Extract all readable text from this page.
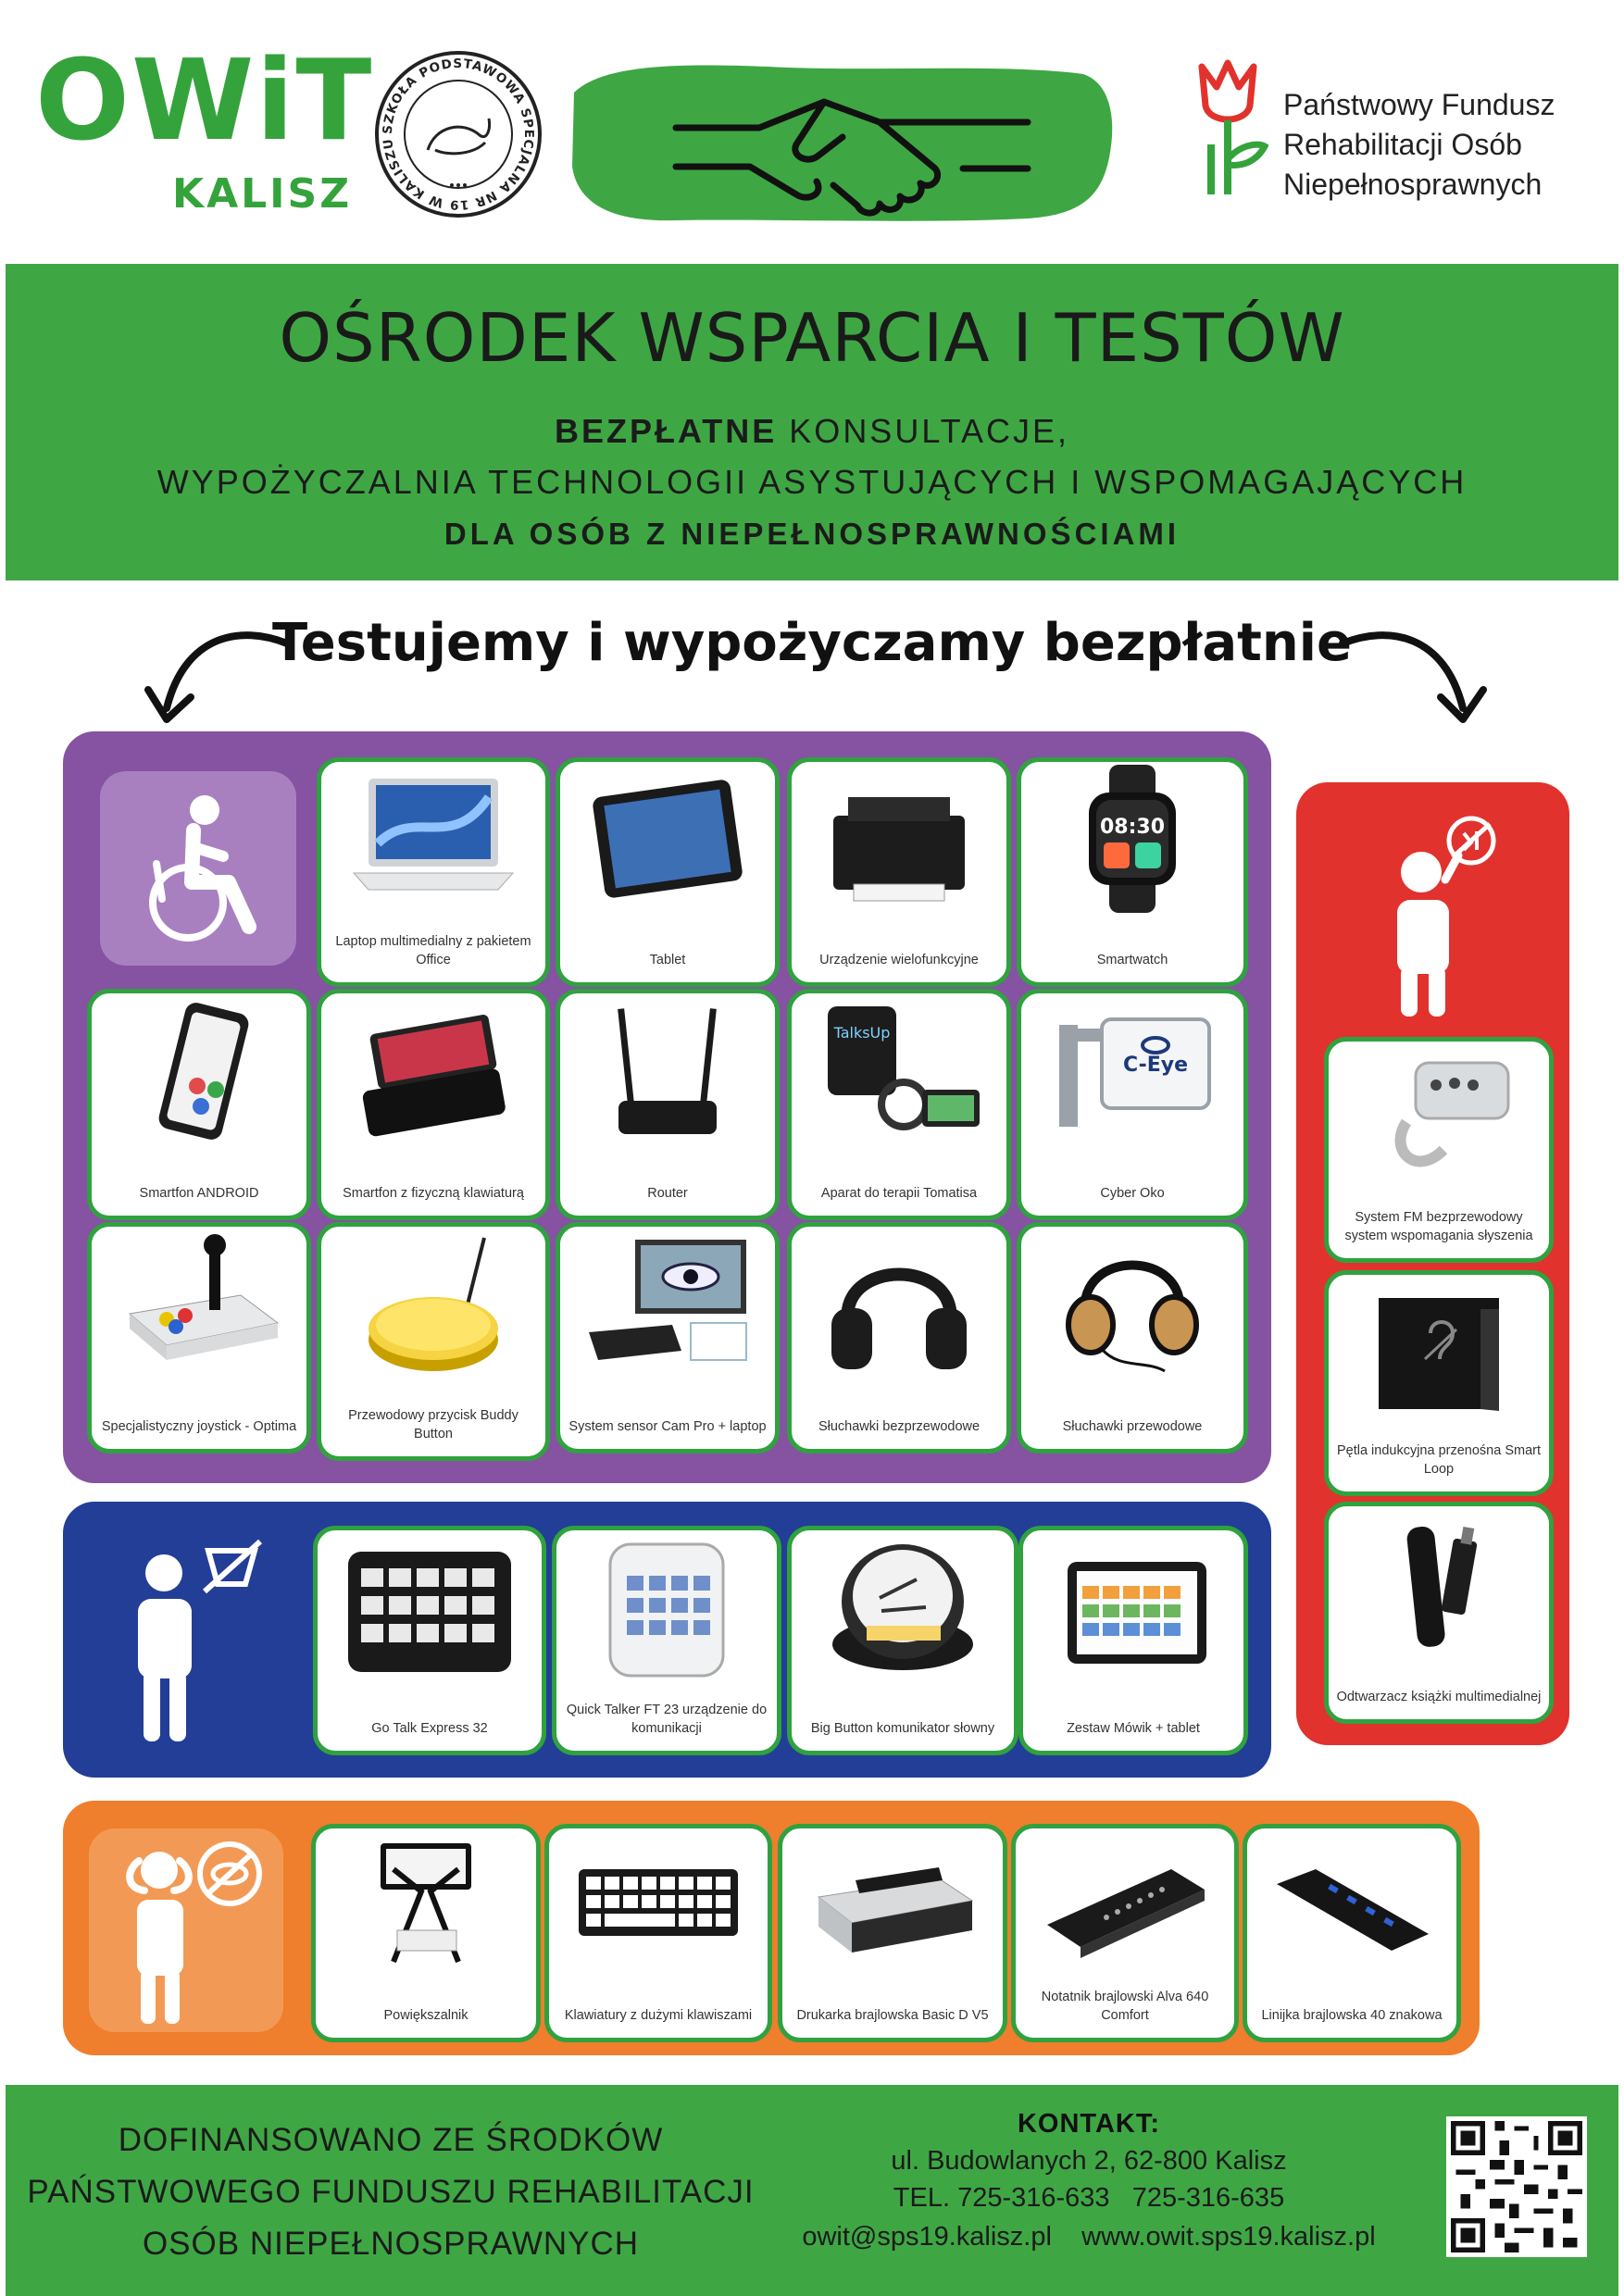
OWiT
KALISZ
SZKOŁA PODSTAWOWA SPECJALNA NR 19 W KALISZU
Państwowy Fundusz
Rehabilitacji Osób
Niepełnosprawnych
OŚRODEK WSPARCIA I TESTÓW
BEZPŁATNE KONSULTACJE,
WYPOŻYCZALNIA TECHNOLOGII ASYSTUJĄCYCH I WSPOMAGAJĄCYCH
DLA OSÓB Z NIEPEŁNOSPRAWNOŚCIAMI
Testujemy i wypożyczamy bezpłatnie
Laptop multimedialny z pakietem Office	Tablet	Urządzenie wielofunkcyjne
08:30
Smartwatch
Smartfon ANDROID	Smartfon z fizyczną klawiaturą	Router
TalksUp
Aparat do terapii Tomatisa
C-Eye
Cyber Oko
Specjalistyczny joystick - Optima
Przewodowy przycisk Buddy Button	System sensor Cam Pro + laptop	Słuchawki bezprzewodowe	Słuchawki przewodowe
System FM bezprzewodowy system wspomagania słyszenia
Pętla indukcyjna przenośna Smart Loop
Odtwarzacz książki multimedialnej
Go Talk Express 32
Quick Talker FT 23 urządzenie do komunikacji	Big Button komunikator słowny	Zestaw Mówik + tablet
Powiększalnik	Klawiatury z dużymi klawiszami	Drukarka brajlowska Basic D V5
Notatnik brajlowski Alva 640 Comfort	Linijka brajlowska 40 znakowa
DOFINANSOWANO ZE ŚRODKÓW
PAŃSTWOWEGO FUNDUSZU REHABILITACJI
OSÓB NIEPEŁNOSPRAWNYCH
KONTAKT:
ul. Budowlanych 2, 62-800 Kalisz
TEL. 725-316-633   725-316-635
owit@sps19.kalisz.pl    www.owit.sps19.kalisz.pl
